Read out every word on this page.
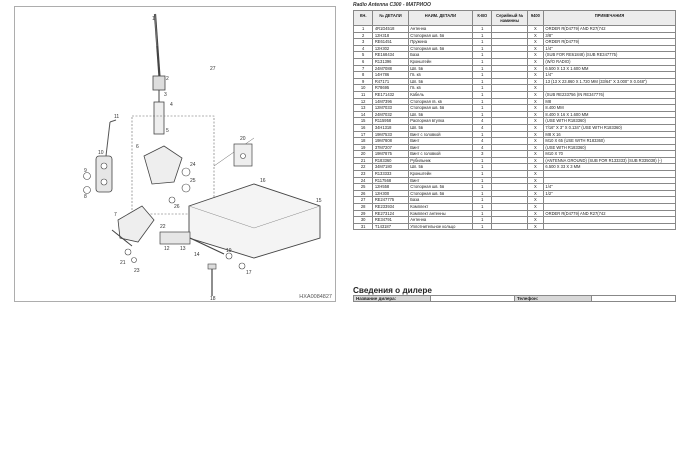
1
2
3
4
5
27
11
10
9
8
6
24
25
26
20
16
15
7
22
12 13
14
19
17
18
21
23
HXA0084827
Radio Antenna C300 - МАТРИОО
КН.	№ ДЕТАЛИ	НАИМ. ДЕТАЛИ	К-ВО	Серийный № наминны	9400	ПРИМЕЧАНИЯ
1	4R1D4518	Антенна	1		X	ORDER R(D4779) AND R27(742
2	12H318	Стопорная шв. 5в	1		X	3/8"
3	RE61451	Пружина	1		X	ORDER R(D4779)
4	12H302	Стопорная шв. 5в	1		X	1/4"
5	RE168434	База	1		X	(SUB FOR RE61848) (SUB RE347775)
6	R131396	Кронштейн	1		X	(W/O RADIO)
7	24M7088	Шп. 5в	1		X	6.500 X 13 X 1.600 MM
8	14H786	Гв. кв	1		X	1/4"
9	R47171	Шп. 5в	1		X	13 (13 X 23.860 X 1.720 MM (33/64" X 3.000" X 0.048")
10	R78695	Гв. кв	1		X	
11	RE171432	Кабель	1		X	(SUB RE233756 (IN RE347776)
12	14M7396	Стопорная гв. кв	1		X	M8
13	12M7033	Стопорная шв. 5в	1		X	8.400 MM
14	24M7032	Шп. 5в	1		X	8.400 X 16 X 1.600 MM
15	R115958	Распорная втулка	4		X	(USE WITH R183360)
16	34H1318	Шп. 5в	4		X	7/16" X 3" X 0.134" (USE WITH R183360)
17	19M7533	Винт с головкой	1		X	M8 X 16
18	19M7808	Винт	4		X	M10 X 65 (USE WITH R183360)
19	37M7207	Винт	4		X	(USE WITH R183360)
20	19M7875	Винт с головкой	3		X	M10 X 70
21	R183360	Рубильник	1		X	(ANTENNA GROUND) (SUB FOR R133333) (SUB R335038) (-)
22	34M7180	Шп. 5в	1		X	6.500 X 33 X 3 MM
23	R133333	Кронштейн	1		X	
24	R117568	Винт	1		X	
25	12H558	Стопорная шв. 5в	1		X	1/4"
26	12H300	Стопорная шв. 5в	1		X	1/2"
27	RE247775	База	1		X	
28	RE233934	Комплект	1		X	
29	RE273124	Комплект антенны	1		X	ORDER R(D4779) AND R27(742
30	RE34791	Антенна	1		X	
31	T143187	Уплотнительное кольцо	1		X	
Сведения о дилере
Название дилера:		Телефон:	
